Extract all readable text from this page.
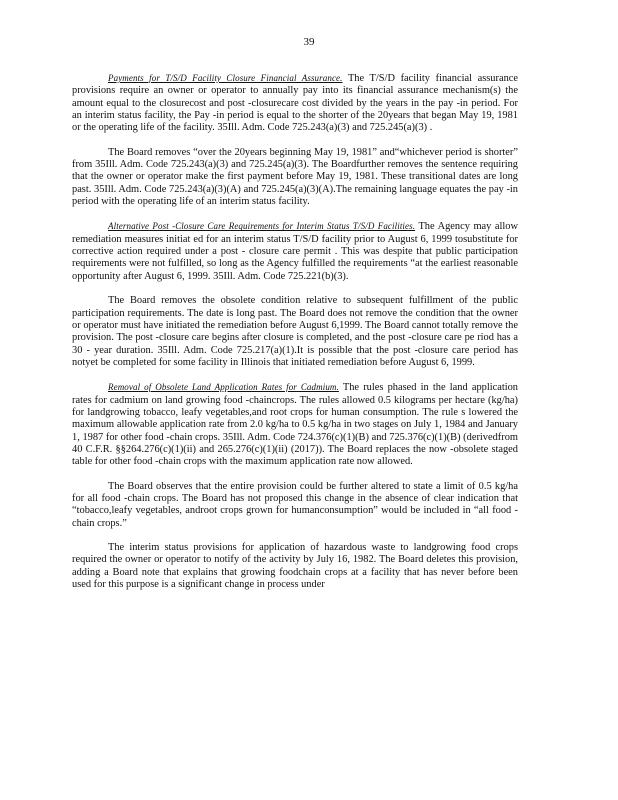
39

Payments for T/S/D Facility Closure Financial Assurance. The T/S/D facility financial assurance provisions require an owner or operator to annually pay into its financial assurance mechanism(s) the amount equal to the closurecost and post -closurecare cost divided by the years in the pay -in period. For an interim status facility, the Pay -in period is equal to the shorter of the 20years that began May 19, 1981 or the operating life of the facility. 35Ill. Adm. Code 725.243(a)(3) and 725.245(a)(3) .

The Board removes “over the 20years beginning May 19, 1981” and“whichever period is shorter” from 35Ill. Adm. Code 725.243(a)(3) and 725.245(a)(3). The Boardfurther removes the sentence requiring that the owner or operator make the first payment before May 19, 1981. These transitional dates are long past. 35Ill. Adm. Code 725.243(a)(3)(A) and 725.245(a)(3)(A).The remaining language equates the pay -in period with the operating life of an interim status facility.

Alternative Post -Closure Care Requirements for Interim Status T/S/D Facilities. The Agency may allow remediation measures initiat ed for an interim status T/S/D facility prior to August 6, 1999 tosubstitute for corrective action required under a post - closure care permit . This was despite that public participation requirements were not fulfilled, so long as the Agency fulfilled the requirements “at the earliest reasonable opportunity after August 6, 1999. 35Ill. Adm. Code 725.221(b)(3).

The Board removes the obsolete condition relative to subsequent fulfillment of the public participation requirements. The date is long past. The Board does not remove the condition that the owner or operator must have initiated the remediation before August 6,1999. The Board cannot totally remove the provision. The post -closure care begins after closure is completed, and the post -closure care pe riod has a 30 - year duration. 35Ill. Adm. Code 725.217(a)(1).It is possible that the post -closure care period has notyet be completed for some facility in Illinois that initiated remediation before August 6, 1999.

Removal of Obsolete Land Application Rates for Cadmium. The rules phased in the land application rates for cadmium on land growing food -chaincrops. The rules allowed 0.5 kilograms per hectare (kg/ha) for landgrowing tobacco, leafy vegetables,and root crops for human consumption. The rule s lowered the maximum allowable application rate from 2.0 kg/ha to 0.5 kg/ha in two stages on July 1, 1984 and January 1, 1987 for other food -chain crops. 35Ill. Adm. Code 724.376(c)(1)(B) and 725.376(c)(1)(B) (derivedfrom 40 C.F.R. §§264.276(c)(1)(ii) and 265.276(c)(1)(ii) (2017)). The Board replaces the now -obsolete staged table for other food -chain crops with the maximum application rate now allowed.

The Board observes that the entire provision could be further altered to state a limit of 0.5 kg/ha for all food -chain crops. The Board has not proposed this change in the absence of clear indication that “tobacco,leafy vegetables, androot crops grown for humanconsumption” would be included in “all food -chain crops.”

The interim status provisions for application of hazardous waste to landgrowing food crops required the owner or operator to notify of the activity by July 16, 1982. The Board deletes this provision, adding a Board note that explains that growing foodchain crops at a facility that has never before been used for this purpose is a significant change in process under
